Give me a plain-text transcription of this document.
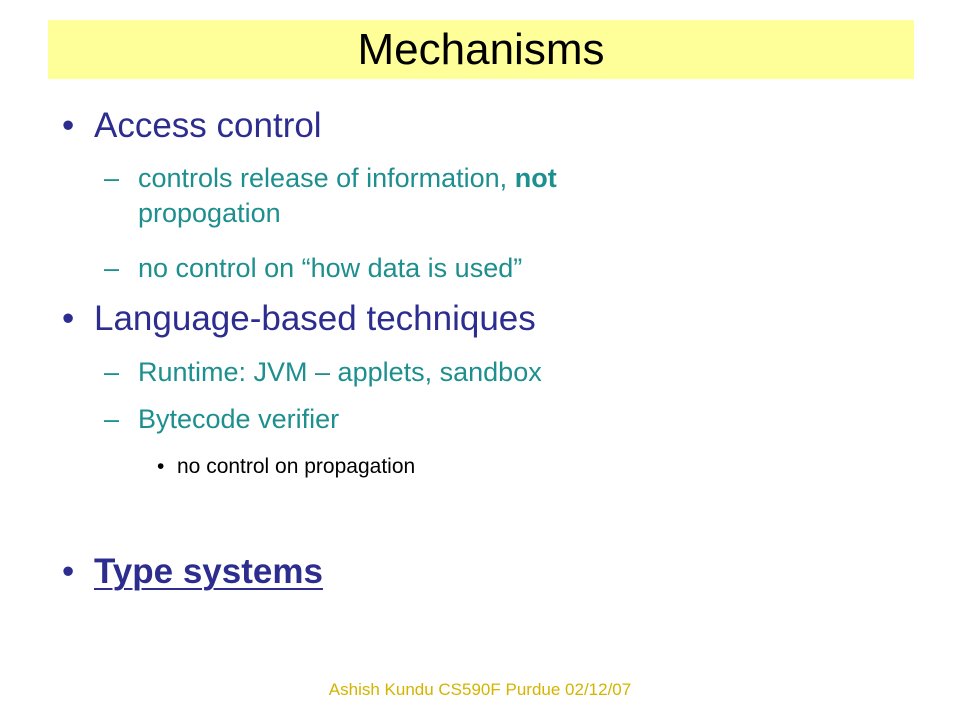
Mechanisms
• Access control
– controls release of information, not
propogation
– no control on “how data is used”
• Language-based techniques
– Runtime: JVM – applets, sandbox
– Bytecode verifier
• no control on propagation
• Type systems
Ashish Kundu CS590F Purdue 02/12/07
